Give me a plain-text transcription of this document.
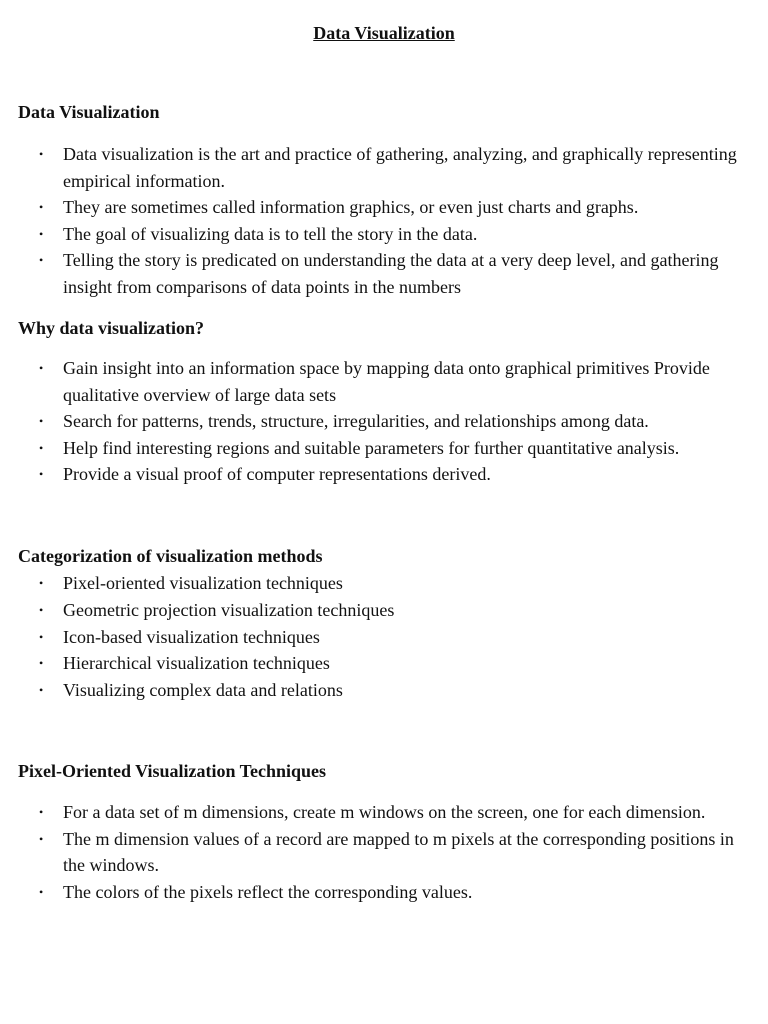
Data Visualization
Data Visualization
• Data visualization is the art and practice of gathering, analyzing, and graphically representing empirical information.
• They are sometimes called information graphics, or even just charts and graphs.
• The goal of visualizing data is to tell the story in the data.
• Telling the story is predicated on understanding the data at a very deep level, and gathering insight from comparisons of data points in the numbers
Why data visualization?
• Gain insight into an information space by mapping data onto graphical primitives Provide qualitative overview of large data sets
• Search for patterns, trends, structure, irregularities, and relationships among data.
• Help find interesting regions and suitable parameters for further quantitative analysis.
• Provide a visual proof of computer representations derived.
Categorization of visualization methods
• Pixel-oriented visualization techniques
• Geometric projection visualization techniques
• Icon-based visualization techniques
• Hierarchical visualization techniques
• Visualizing complex data and relations
Pixel-Oriented Visualization Techniques
• For a data set of m dimensions, create m windows on the screen, one for each dimension.
• The m dimension values of a record are mapped to m pixels at the corresponding positions in the windows.
• The colors of the pixels reflect the corresponding values.
